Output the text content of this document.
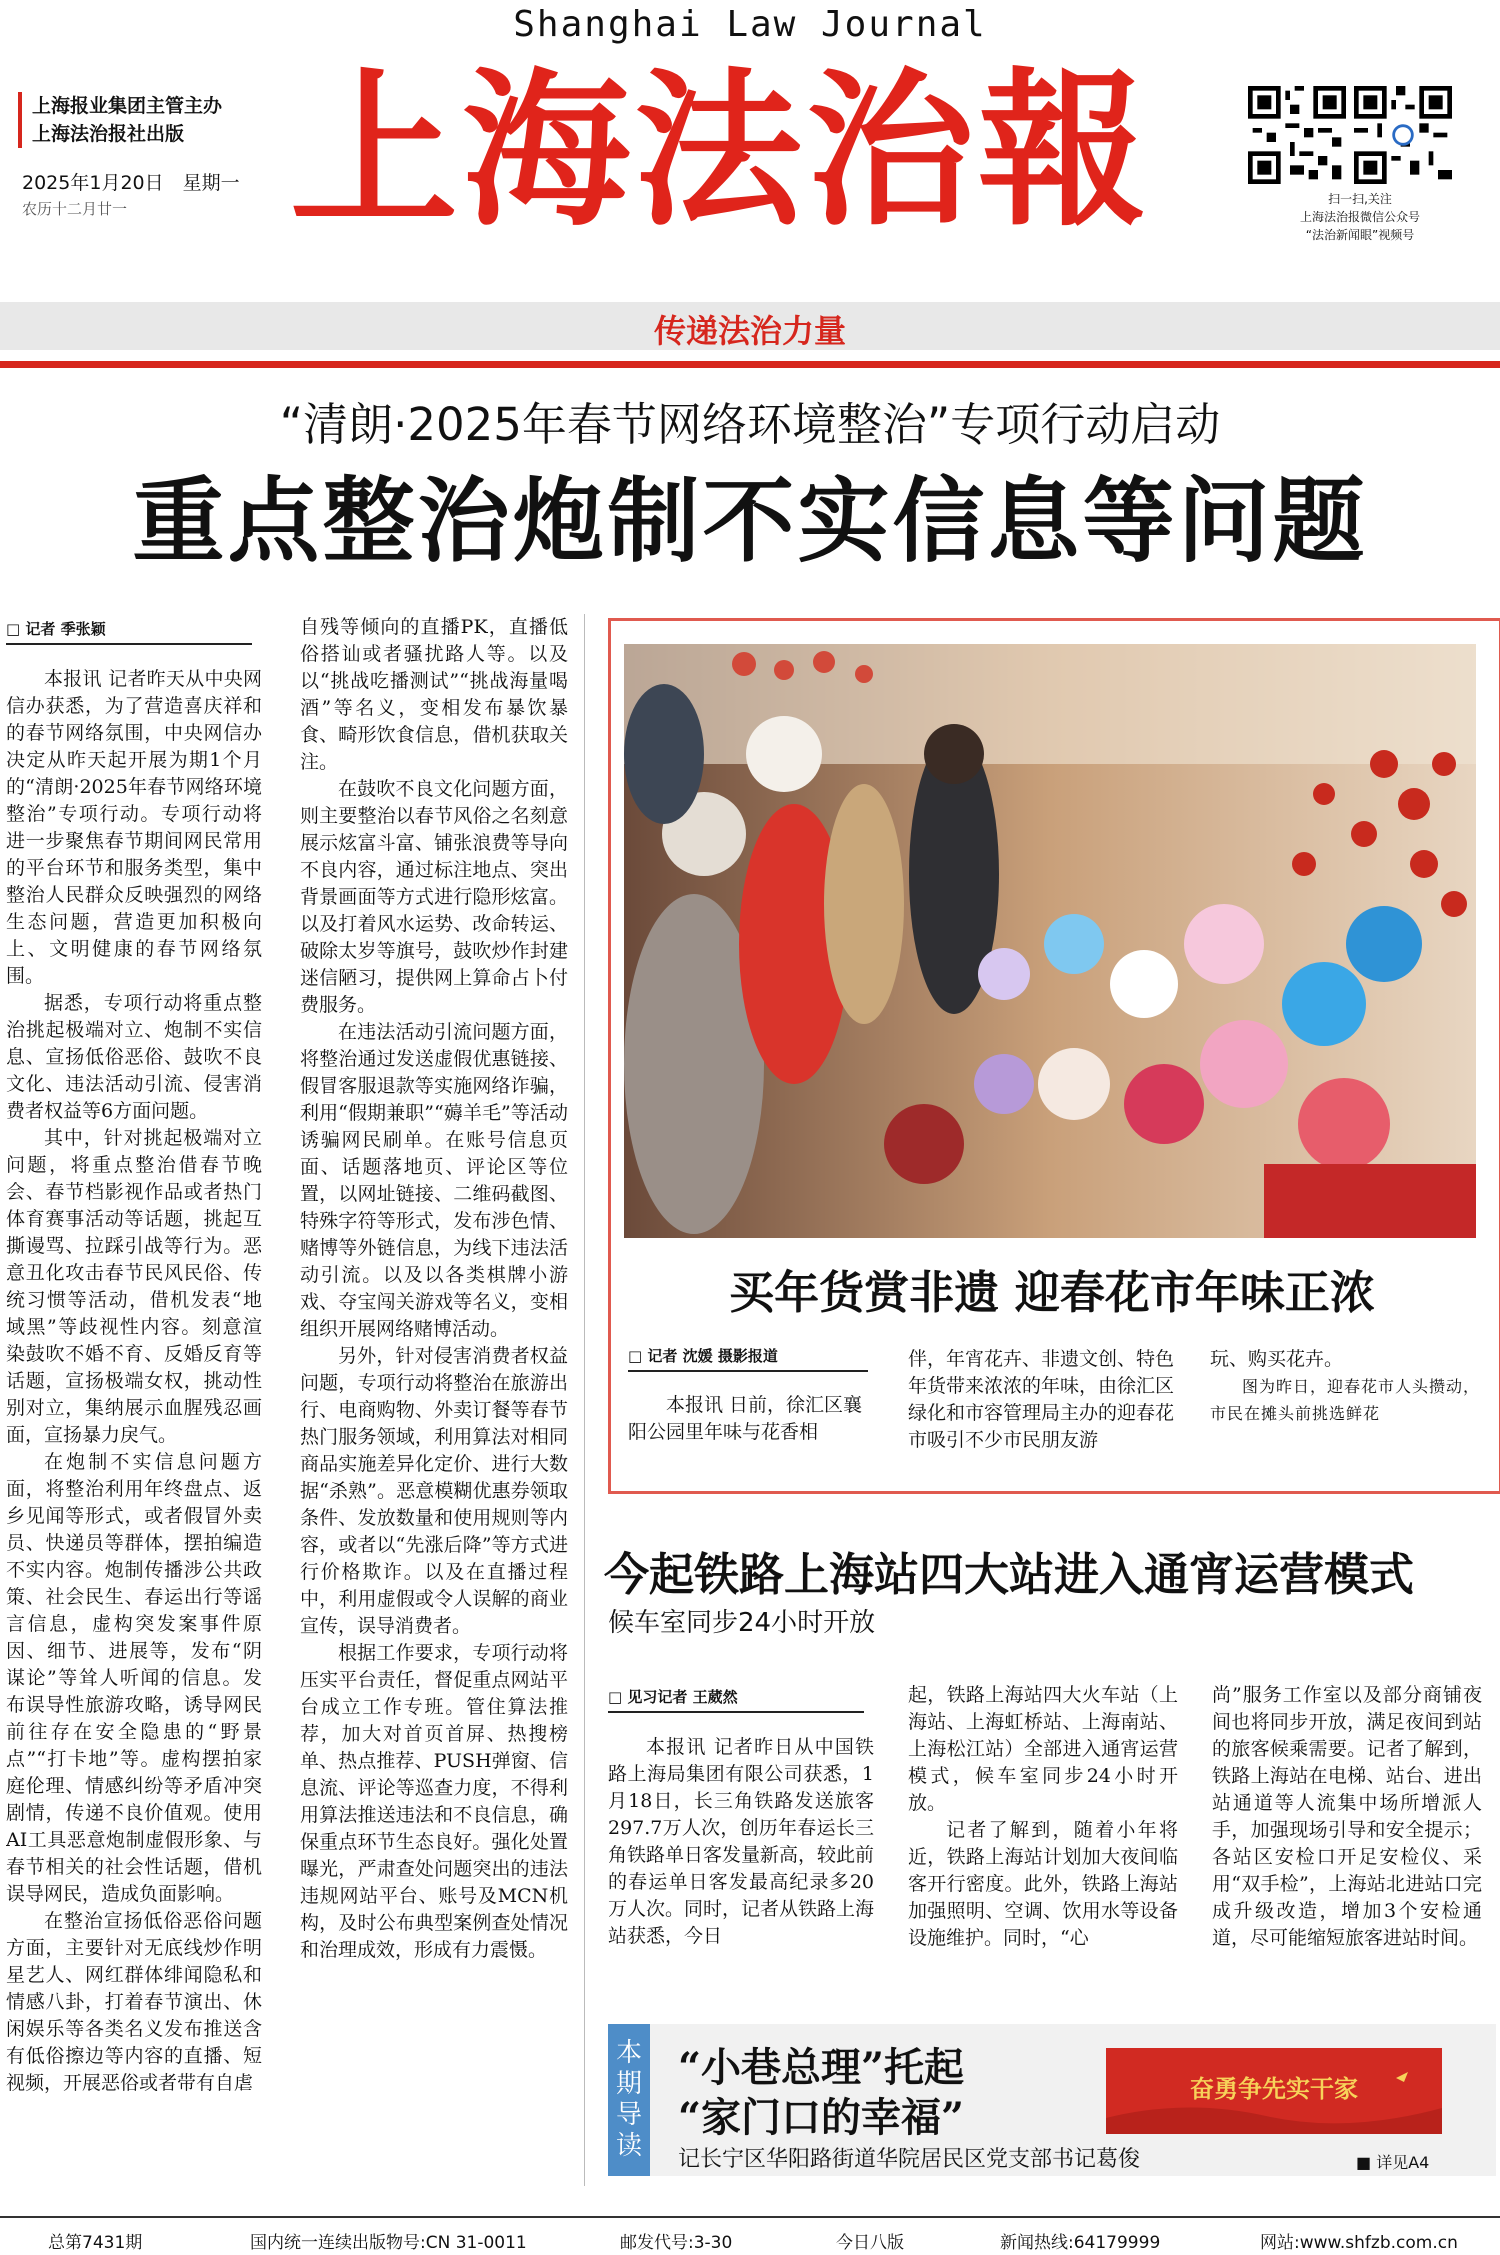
Shanghai Law Journal
上海报业集团主管主办
上海法治报社出版
2025年1月20日　星期一
农历十二月廿一 上海法治報	扫一扫,关注
上海法治报微信公众号
“法治新闻眼”视频号
传递法治力量
“清朗·2025年春节网络环境整治”专项行动启动
重点整治炮制不实信息等问题
□ 记者 季张颖

本报讯 记者昨天从中央网信办获悉，为了营造喜庆祥和的春节网络氛围，中央网信办决定从昨天起开展为期1个月的“清朗·2025年春节网络环境整治”专项行动。专项行动将进一步聚焦春节期间网民常用的平台环节和服务类型，集中整治人民群众反映强烈的网络生态问题，营造更加积极向上、文明健康的春节网络氛围。

据悉，专项行动将重点整治挑起极端对立、炮制不实信息、宣扬低俗恶俗、鼓吹不良文化、违法活动引流、侵害消费者权益等6方面问题。

其中，针对挑起极端对立问题，将重点整治借春节晚会、春节档影视作品或者热门体育赛事活动等话题，挑起互撕谩骂、拉踩引战等行为。恶意丑化攻击春节民风民俗、传统习惯等活动，借机发表“地域黑”等歧视性内容。刻意渲染鼓吹不婚不育、反婚反育等话题，宣扬极端女权，挑动性别对立，集纳展示血腥残忍画面，宣扬暴力戾气。

在炮制不实信息问题方面，将整治利用年终盘点、返乡见闻等形式，或者假冒外卖员、快递员等群体，摆拍编造不实内容。炮制传播涉公共政策、社会民生、春运出行等谣言信息，虚构突发案事件原因、细节、进展等，发布“阴谋论”等耸人听闻的信息。发布误导性旅游攻略，诱导网民前往存在安全隐患的“野景点”“打卡地”等。虚构摆拍家庭伦理、情感纠纷等矛盾冲突剧情，传递不良价值观。使用AI工具恶意炮制虚假形象、与春节相关的社会性话题，借机误导网民，造成负面影响。

在整治宣扬低俗恶俗问题方面，主要针对无底线炒作明星艺人、网红群体绯闻隐私和情感八卦，打着春节演出、休闲娱乐等各类名义发布推送含有低俗擦边等内容的直播、短视频，开展恶俗或者带有自虐

自残等倾向的直播PK，直播低俗搭讪或者骚扰路人等。以及以“挑战吃播测试”“挑战海量喝酒”等名义，变相发布暴饮暴食、畸形饮食信息，借机获取关注。

在鼓吹不良文化问题方面，则主要整治以春节风俗之名刻意展示炫富斗富、铺张浪费等导向不良内容，通过标注地点、突出背景画面等方式进行隐形炫富。以及打着风水运势、改命转运、破除太岁等旗号，鼓吹炒作封建迷信陋习，提供网上算命占卜付费服务。

在违法活动引流问题方面，将整治通过发送虚假优惠链接、假冒客服退款等实施网络诈骗，利用“假期兼职”“薅羊毛”等活动诱骗网民刷单。在账号信息页面、话题落地页、评论区等位置，以网址链接、二维码截图、特殊字符等形式，发布涉色情、赌博等外链信息，为线下违法活动引流。以及以各类棋牌小游戏、夺宝闯关游戏等名义，变相组织开展网络赌博活动。

另外，针对侵害消费者权益问题，专项行动将整治在旅游出行、电商购物、外卖订餐等春节热门服务领域，利用算法对相同商品实施差异化定价、进行大数据“杀熟”。恶意模糊优惠券领取条件、发放数量和使用规则等内容，或者以“先涨后降”等方式进行价格欺诈。以及在直播过程中，利用虚假或令人误解的商业宣传，误导消费者。

根据工作要求，专项行动将压实平台责任，督促重点网站平台成立工作专班。管住算法推荐，加大对首页首屏、热搜榜单、热点推荐、PUSH弹窗、信息流、评论等巡查力度，不得利用算法推送违法和不良信息，确保重点环节生态良好。强化处置曝光，严肃查处问题突出的违法违规网站平台、账号及MCN机构，及时公布典型案例查处情况和治理成效，形成有力震慑。

买年货赏非遗 迎春花市年味正浓
□ 记者 沈媛 摄影报道

本报讯 日前，徐汇区襄阳公园里年味与花香相

伴，年宵花卉、非遗文创、特色年货带来浓浓的年味，由徐汇区绿化和市容管理局主办的迎春花市吸引不少市民朋友游
玩、购买花卉。
图为昨日，迎春花市人头攒动，市民在摊头前挑选鲜花
今起铁路上海站四大站进入通宵运营模式
候车室同步24小时开放
□ 见习记者 王葳然

本报讯 记者昨日从中国铁路上海局集团有限公司获悉，1月18日，长三角铁路发送旅客297.7万人次，创历年春运长三角铁路单日客发量新高，较此前的春运单日客发最高纪录多20万人次。同时，记者从铁路上海站获悉，今日

起，铁路上海站四大火车站（上海站、上海虹桥站、上海南站、上海松江站）全部进入通宵运营模式，候车室同步24小时开放。

记者了解到，随着小年将近，铁路上海站计划加大夜间临客开行密度。此外，铁路上海站加强照明、空调、饮用水等设备设施维护。同时，“心

尚”服务工作室以及部分商铺夜间也将同步开放，满足夜间到站的旅客候乘需要。记者了解到，铁路上海站在电梯、站台、进出站通道等人流集中场所增派人手，加强现场引导和安全提示；各站区安检口开足安检仪、采用“双手检”，上海站北进站口完成升级改造，增加3个安检通道，尽可能缩短旅客进站时间。

本期导读
“小巷总理”托起
“家门口的幸福”
记长宁区华阳路街道华院居民区党支部书记葛俊
奋勇争先实干家
■ 详见A4
总第7431期	国内统一连续出版物号:CN 31-0011	邮发代号:3-30	今日八版	新闻热线:64179999	网站:www.shfzb.com.cn
